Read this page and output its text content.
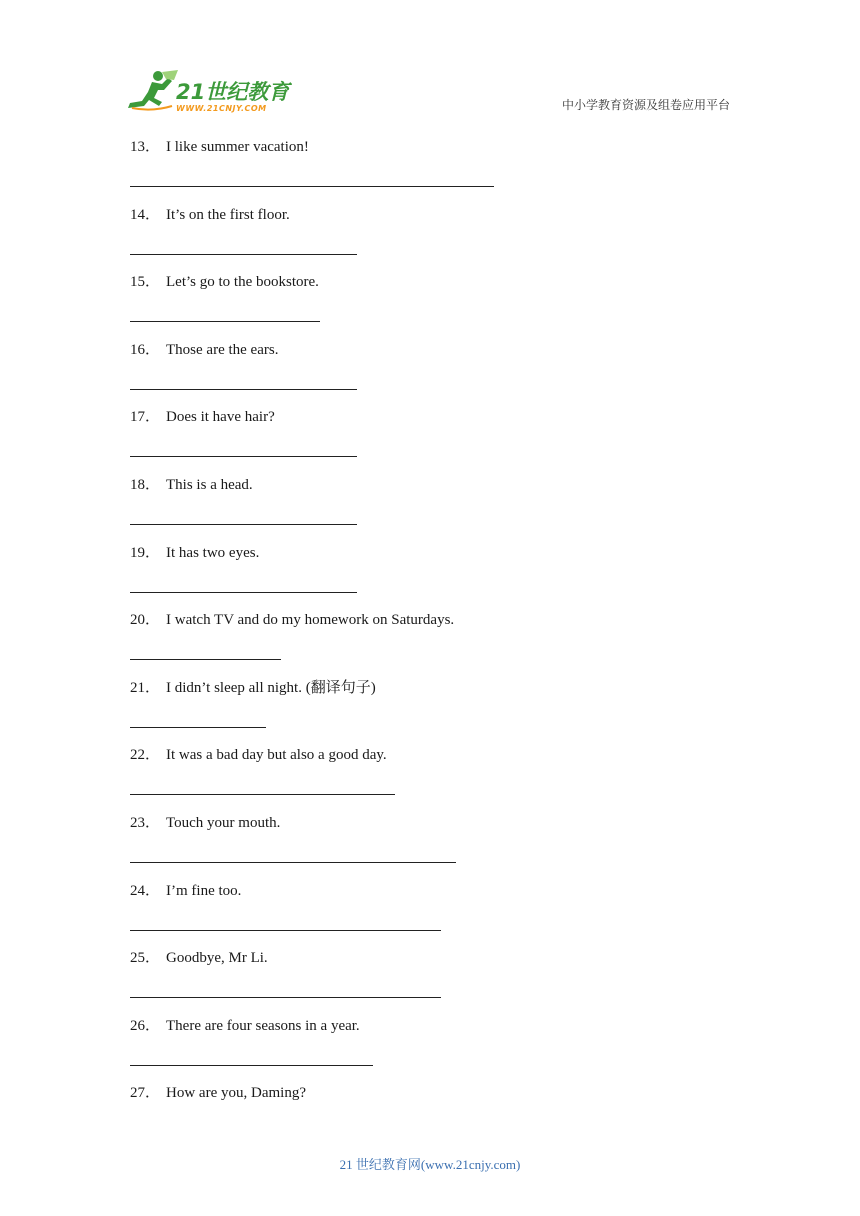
21世纪教育
WWW.21CNJY.COM	中小学教育资源及组卷应用平台
13． I like summer vacation!
14． It’s on the first floor.
15． Let’s go to the bookstore.
16． Those are the ears.
17． Does it have hair?
18． This is a head.
19． It has two eyes.
20． I watch TV and do my homework on Saturdays.
21． I didn’t sleep all night. (翻译句子)
22． It was a bad day but also a good day.
23． Touch your mouth.
24． I’m fine too.
25． Goodbye, Mr Li.
26． There are four seasons in a year.
27． How are you, Daming?
21 世纪教育网(www.21cnjy.com)
